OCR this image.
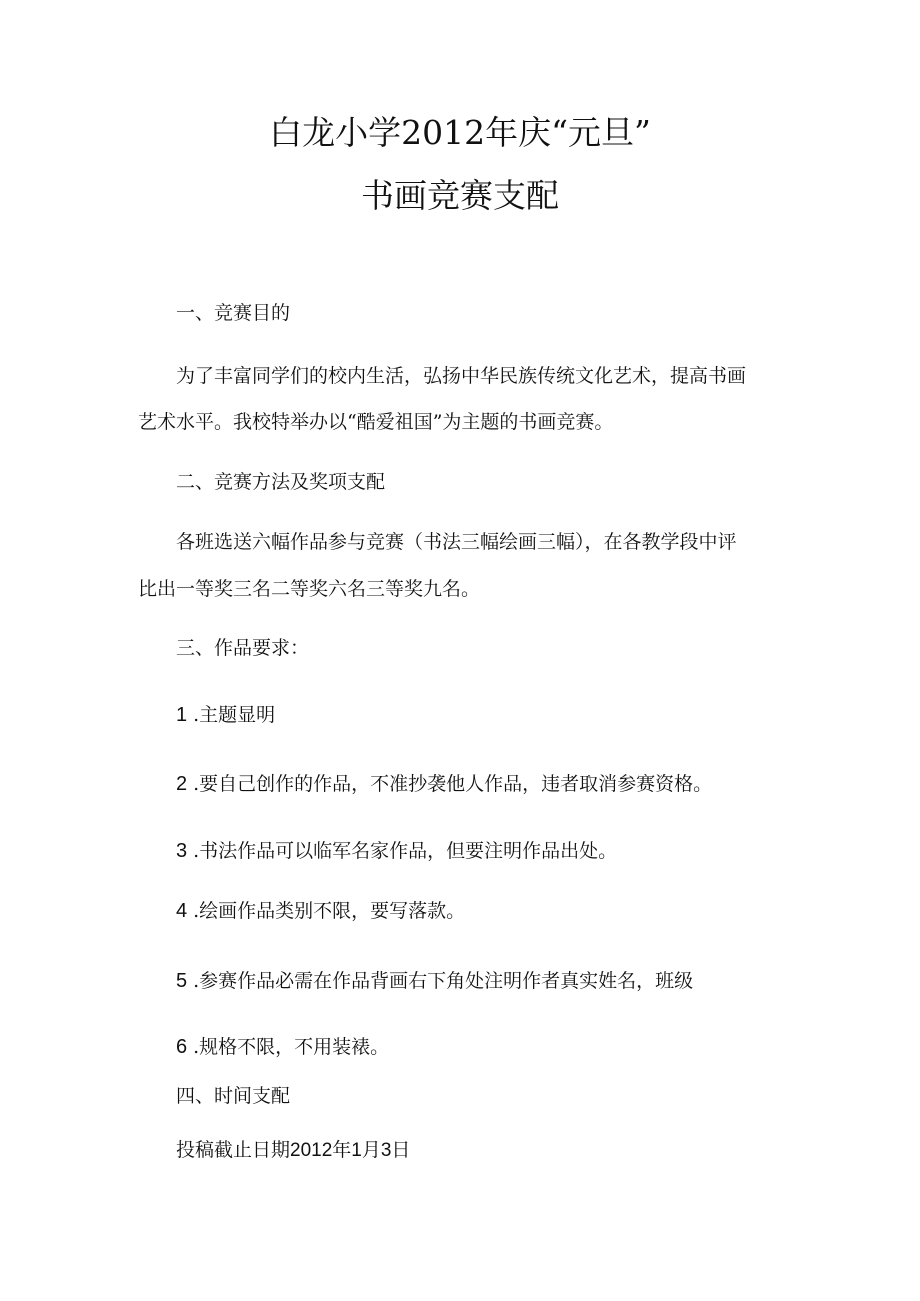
白龙小学2012年庆“元旦”
书画竞赛支配
一、竞赛目的
为了丰富同学们的校内生活，弘扬中华民族传统文化艺术，提高书画
艺术水平。我校特举办以“酷爱祖国”为主题的书画竞赛。
二、竞赛方法及奖项支配
各班选送六幅作品参与竞赛（书法三幅绘画三幅），在各教学段中评
比出一等奖三名二等奖六名三等奖九名。
三、作品要求：
1 .主题显明
2 .要自己创作的作品，不准抄袭他人作品，违者取消参赛资格。
3 .书法作品可以临军名家作品，但要注明作品出处。
4 .绘画作品类别不限，要写落款。
5 .参赛作品必需在作品背画右下角处注明作者真实姓名，班级
6 .规格不限，不用装裱。
四、时间支配
投稿截止日期2012年1月3日
